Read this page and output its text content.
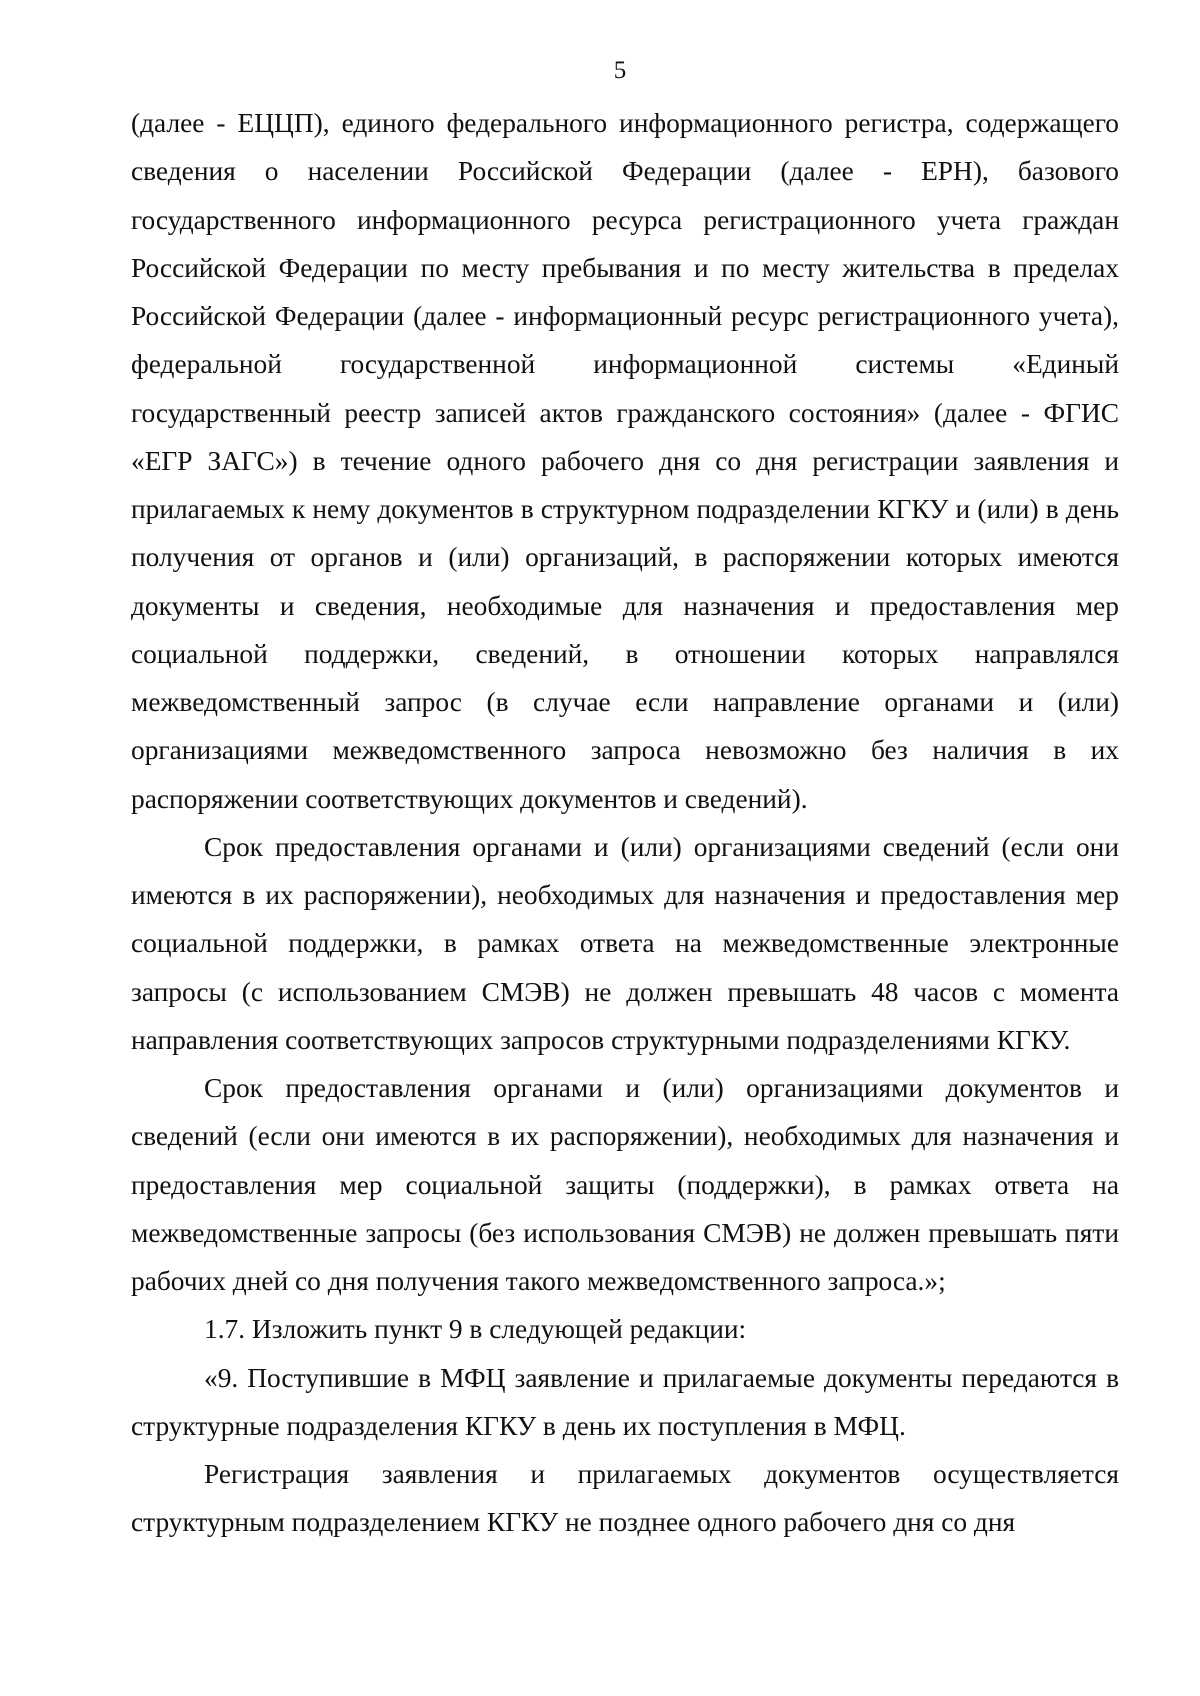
5

(далее - ЕЦЦП), единого федерального информационного регистра, содержащего сведения о населении Российской Федерации (далее - ЕРН), базового государственного информационного ресурса регистрационного учета граждан Российской Федерации по месту пребывания и по месту жительства в пределах Российской Федерации (далее - информационный ресурс регистрационного учета), федеральной государственной информационной системы «Единый государственный реестр записей актов гражданского состояния» (далее - ФГИС «ЕГР ЗАГС») в течение одного рабочего дня со дня регистрации заявления и прилагаемых к нему документов в структурном подразделении КГКУ и (или) в день получения от органов и (или) организаций, в распоряжении которых имеются документы и сведения, необходимые для назначения и предоставления мер социальной поддержки, сведений, в отношении которых направлялся межведомственный запрос (в случае если направление органами и (или) организациями межведомственного запроса невозможно без наличия в их распоряжении соответствующих документов и сведений).

Срок предоставления органами и (или) организациями сведений (если они имеются в их распоряжении), необходимых для назначения и предоставления мер социальной поддержки, в рамках ответа на межведомственные электронные запросы (с использованием СМЭВ) не должен превышать 48 часов с момента направления соответствующих запросов структурными подразделениями КГКУ.

Срок предоставления органами и (или) организациями документов и сведений (если они имеются в их распоряжении), необходимых для назначения и предоставления мер социальной защиты (поддержки), в рамках ответа на межведомственные запросы (без использования СМЭВ) не должен превышать пяти рабочих дней со дня получения такого межведомственного запроса.»;

1.7. Изложить пункт 9 в следующей редакции:

«9. Поступившие в МФЦ заявление и прилагаемые документы передаются в структурные подразделения КГКУ в день их поступления в МФЦ.

Регистрация заявления и прилагаемых документов осуществляется структурным подразделением КГКУ не позднее одного рабочего дня со дня
